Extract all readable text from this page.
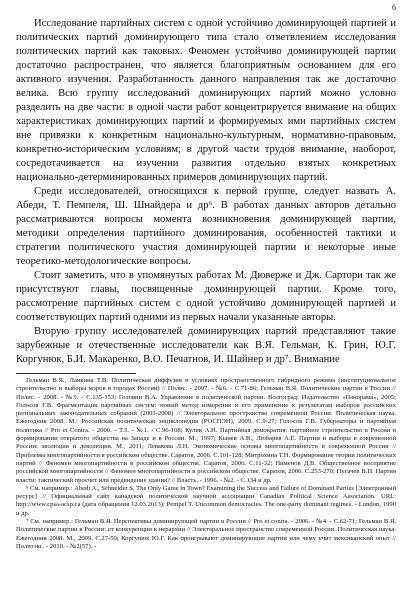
6

Исследование партийных систем с одной устойчиво доминирующей партией и политических партий доминирующего типа стало ответвлением исследования политических партий как таковых. Феномен устойчиво доминирующей партии достаточно распространен, что является благоприятным основанием для его активного изучения. Разработанность данного направления так же достаточно велика. Всю группу исследований доминирующих партий можно условно разделить на две части: в одной части работ концентрируется внимание на общих характеристиках доминирующих партий и формируемых ими партийных систем вне привязки к конкретным национально-культурным, нормативно-правовым, конкретно-историческим условиям; в другой части трудов внимание, наоборот, сосредотачивается на изучении развития отдельно взятых конкретных национально-детерминированных примеров доминирующих партий.

Среди исследователей, относящихся к первой группе, следует назвать А. Абеди, Т. Пемпеля, Ш. Шнайдера и др⁶. В работах данных авторов детально рассматриваются вопросы момента возникновения доминирующей партии, методики определения партийного доминирования, особенностей тактики и стратегии политического участия доминирующей партии и некоторые иные теоретико-методологические вопросы.

Стоит заметить, что в упомянутых работах М. Дюверже и Дж. Сартори так же присутствуют главы, посвященные доминирующей партии. Кроме того, рассмотрение партийных систем с одной устойчиво доминирующей партией и соответствующих партий одними из первых начали указанные авторы.

Вторую группу исследователей доминирующих партий представляют такие зарубежные и отечественные исследователи как В.Я. Гельман, К. Грин, Ю.Г. Коргунюк, Б.И. Макаренко, В.О. Печатнов, И. Шайнер и др⁷. Внимание

Гельман В.Я., Ланкина Т.В. Политическая диффузия в условиях пространственного гибридного режима (институциональное строительство и выборы мэров в городах России) // Полис. - 2007. - №6. - С.71-86; Гельман В.Я. Политические партии в России // Полис. - 2008. - №5. - С.135-153; Головин В.А. Управление в политической партии. Волгоград: Издательство «Панорама», 2005; Голосов Г.В. Фрагментация партийных систем: новый метод измерения и его применение к результатам выборов российских региональных законодательных собраний (2003-2008) // Электоральное пространство современной России. Политическая наука. Ежегодник 2008. М.: Российская политическая энциклопедия (РОСПЭН), 2009. С.9-27; Голосов Г.В. Губернаторы и партийная политика // Pro et Contra. - 2000. - Т.5. - №1. - С.96-108; Кулик А.Н. Партийная демократия: партийное строительство в России в формировании открытого общества на Западе и в России. М., 1997; Кынев А.В., Любарев А.Е. Партии и выборы в современной России: эволюция и деволюция. М., 2011; Левакова Л.Н. Экономические основы многопартийности в современной России // Проблемы многопартийности в российском обществе. Саратов, 2006. С.101-128; Митрохина Т.Н. Формирование теории политических партий // Феномен многопартийности в российском обществе. Саратов, 2006. С.11-32; Пименов Д.В. Общественное восприятие российской многопартийности // Феномен многопартийности в российском обществе. Саратов, 2006. С.253-270; Пугачев В.П. Партия власти: тактический просчет или предвидение здания? // Власть. - 1996. - №2. - С.134 и др.

⁶ См. например.: Abedi A., Schneider S. The Only Game in Town? Examining the Success and Failure of Dominant Parties [Электронный ресурс] // Официальный сайт канадской политической научной ассоциации Canadian Political Science Association. URL: http://www.cpsa-acsp.ca (дата обращения 12.03.2013); Pempel T. Uncommon democracies. The one-party dominant regimes. - London, 1990 и др.

⁷ См. например.: Гельман В.Я. Перспективы доминирующей партии в России // Pro et contra. - 2006. - №4. - С.62-71; Гельман В.Я. Политические партии в России: от конкуренции к иерархии // Электоральное пространство современной России. Политическая наука. Ежегодник 2008. М., 2009. С.27-50; Коргунюк Ю.Г. Как проигрывают доминирующие партии или чему учит мексиканский опыт // Политэкс. - 2010. - №2(57). -
